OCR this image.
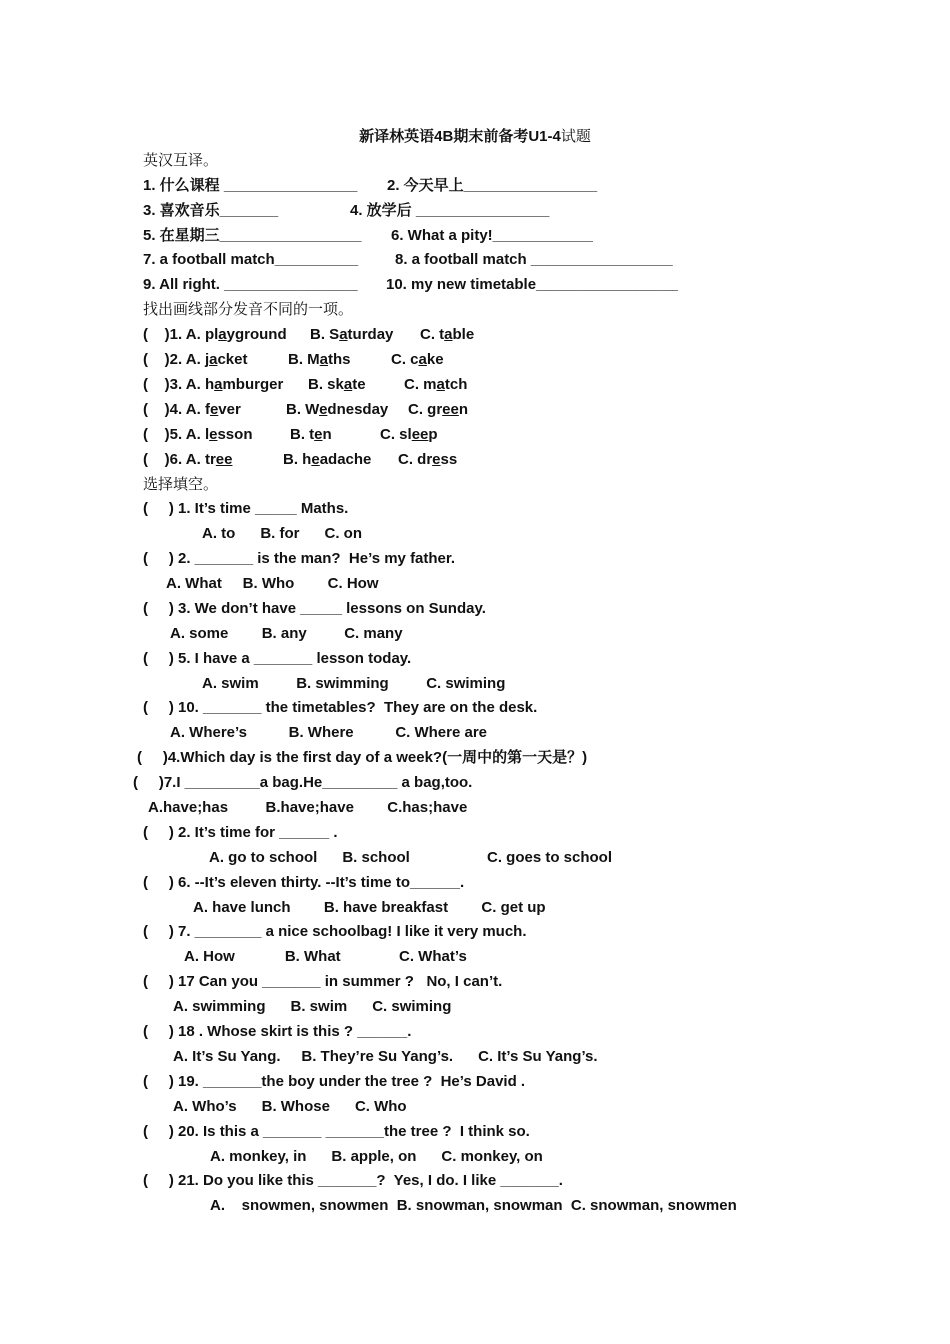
新译林英语4B期末前备考U1-4试题
英汉互译。
1. 什么课程 ________________ 2. 今天早上________________
3. 喜欢音乐_______	4. 放学后 ________________
5. 在星期三_________________ 6. What a pity!____________
7. a football match__________ 8. a football match _________________
9. All right. ________________ 10. my new timetable_________________
找出画线部分发音不同的一项。
(    )1. A. playground B. Saturday C. table
(    )2. A. jacket	B. Maths	C. cake
(    )3. A. hamburger B. skate	C. match
(    )4. A. fever	B. Wednesday C. green
(    )5. A. lesson	B. ten	C. sleep
(    )6. A. tree	B. headache C. dress
选择填空。
(     ) 1. It’s time _____ Maths.
A. to      B. for      C. on
(     ) 2. _______ is the man?  He’s my father.
A. What     B. Who        C. How
(     ) 3. We don’t have _____ lessons on Sunday.
A. some        B. any         C. many
(     ) 5. I have a _______ lesson today.
A. swim         B. swimming         C. swiming
(     ) 10. _______ the timetables?  They are on the desk.
A. Where’s          B. Where          C. Where are
(     )4.Which day is the first day of a week?(一周中的第一天是？)
(     )7.I _________a bag.He_________ a bag,too.
A.have;has         B.have;have        C.has;have
(     ) 2. It’s time for ______ .
A. go to school      B. school	C. goes to school
(     ) 6. --It’s eleven thirty. --It’s time to______.
A. have lunch        B. have breakfast        C. get up
(     ) 7. ________ a nice schoolbag! I like it very much.
A. How            B. What              C. What’s
(     ) 17 Can you _______ in summer ?   No, I can’t.
A. swimming      B. swim      C. swiming
(     ) 18 . Whose skirt is this ? ______.
A. It’s Su Yang.     B. They’re Su Yang’s.      C. It’s Su Yang’s.
(     ) 19. _______the boy under the tree ?  He’s David .
A. Who’s      B. Whose      C. Who
(     ) 20. Is this a _______ _______the tree ?  I think so.
A. monkey, in      B. apple, on      C. monkey, on
(     ) 21. Do you like this _______?  Yes, I do. I like _______.
A.    snowmen, snowmen  B. snowman, snowman  C. snowman, snowmen
